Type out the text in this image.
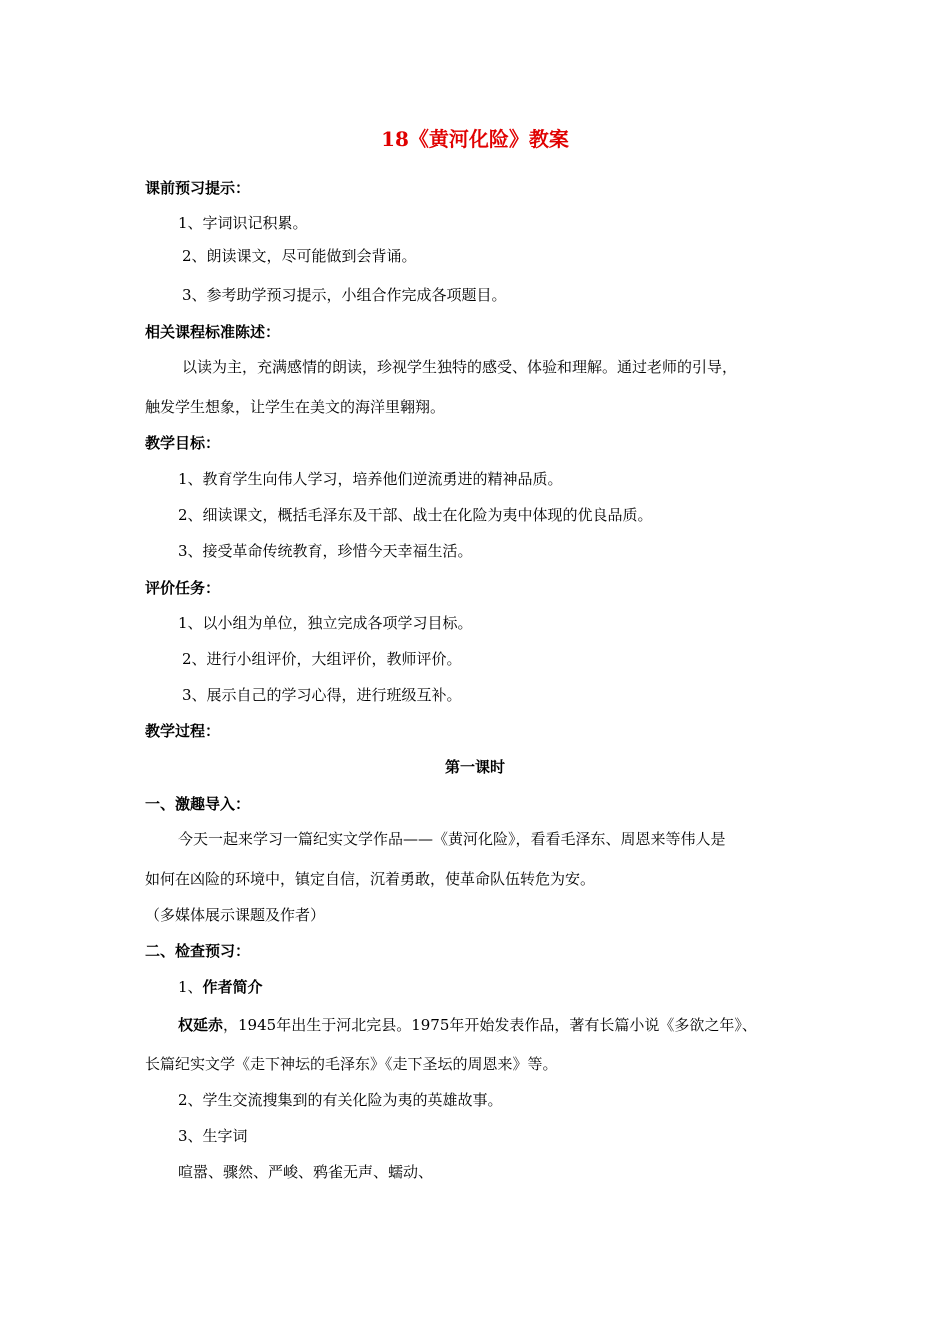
18《黄河化险》教案
课前预习提示：
1、字词识记积累。
2、朗读课文，尽可能做到会背诵。
3、参考助学预习提示，小组合作完成各项题目。
相关课程标准陈述：
以读为主，充满感情的朗读，珍视学生独特的感受、体验和理解。通过老师的引导，
触发学生想象，让学生在美文的海洋里翱翔。
教学目标：
1、教育学生向伟人学习，培养他们逆流勇进的精神品质。
2、细读课文，概括毛泽东及干部、战士在化险为夷中体现的优良品质。
3、接受革命传统教育，珍惜今天幸福生活。
评价任务：
1、以小组为单位，独立完成各项学习目标。
2、进行小组评价，大组评价，教师评价。
3、展示自己的学习心得，进行班级互补。
教学过程：
第一课时
一、激趣导入：
今天一起来学习一篇纪实文学作品——《黄河化险》，看看毛泽东、周恩来等伟人是
如何在凶险的环境中，镇定自信，沉着勇敢，使革命队伍转危为安。
（多媒体展示课题及作者）
二、检查预习：
1、作者简介
权延赤，1945年出生于河北完县。1975年开始发表作品，著有长篇小说《多欲之年》、
长篇纪实文学《走下神坛的毛泽东》《走下圣坛的周恩来》等。
2、学生交流搜集到的有关化险为夷的英雄故事。
3、生字词
喧嚣、骤然、严峻、鸦雀无声、蠕动、
